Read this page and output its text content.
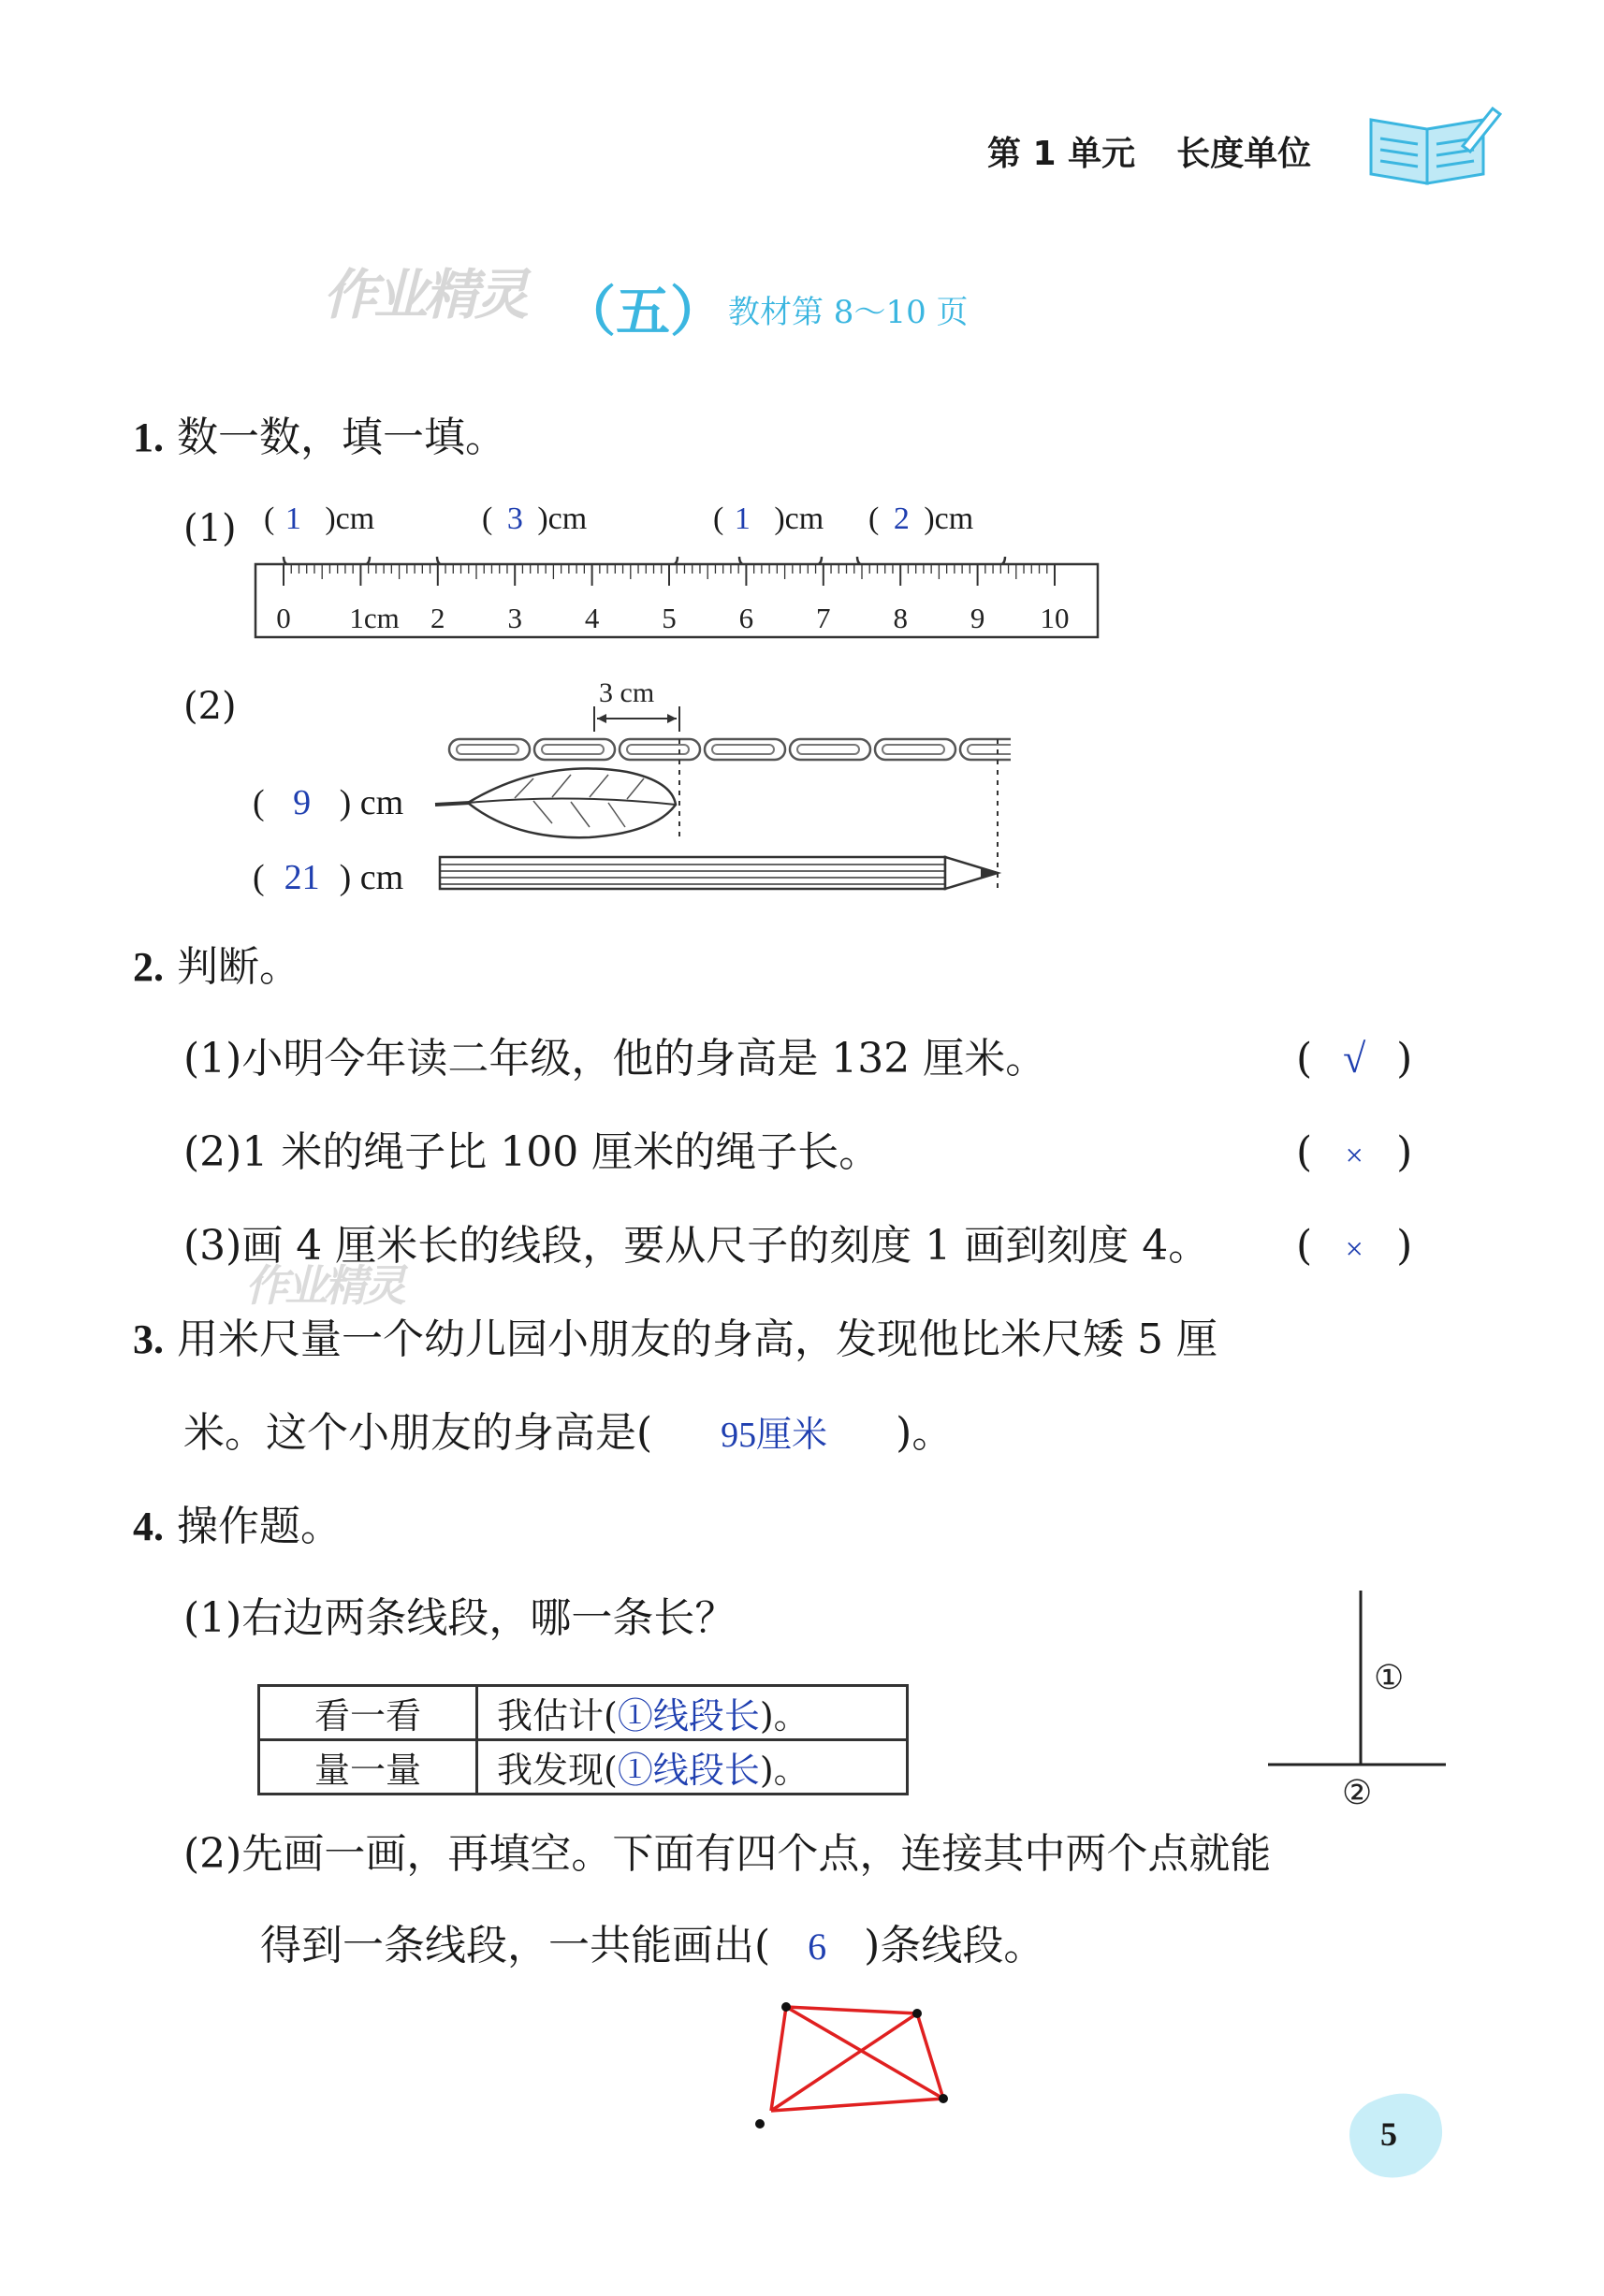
第 1 单元 长度单位
作业精灵 （五） 教材第 8～10 页
1. 数一数，填一填。
(1) ( 1 )cm	( 3 )cm	( 1 )cm ( 2 )cm
0 1cm 2 3 4 5 6 7 8 9 10
(2)	3 cm
( 9 ) cm
( 21 ) cm
2. 判断。
(1)小明今年读二年级，他的身高是 132 厘米。	( √ )
(2)1 米的绳子比 100 厘米的绳子长。	( × )
(3)画 4 厘米长的线段，要从尺子的刻度 1 画到刻度 4。 ( × )
作业精灵
3. 用米尺量一个幼儿园小朋友的身高，发现他比米尺矮 5 厘
米。这个小朋友的身高是( 95厘米 )。
4. 操作题。
(1)右边两条线段，哪一条长？
看一看	我估计(①线段长)。
量一量	我发现(①线段长)。
①
②
(2)先画一画，再填空。下面有四个点，连接其中两个点就能
得到一条线段，一共能画出( 6 )条线段。
5
